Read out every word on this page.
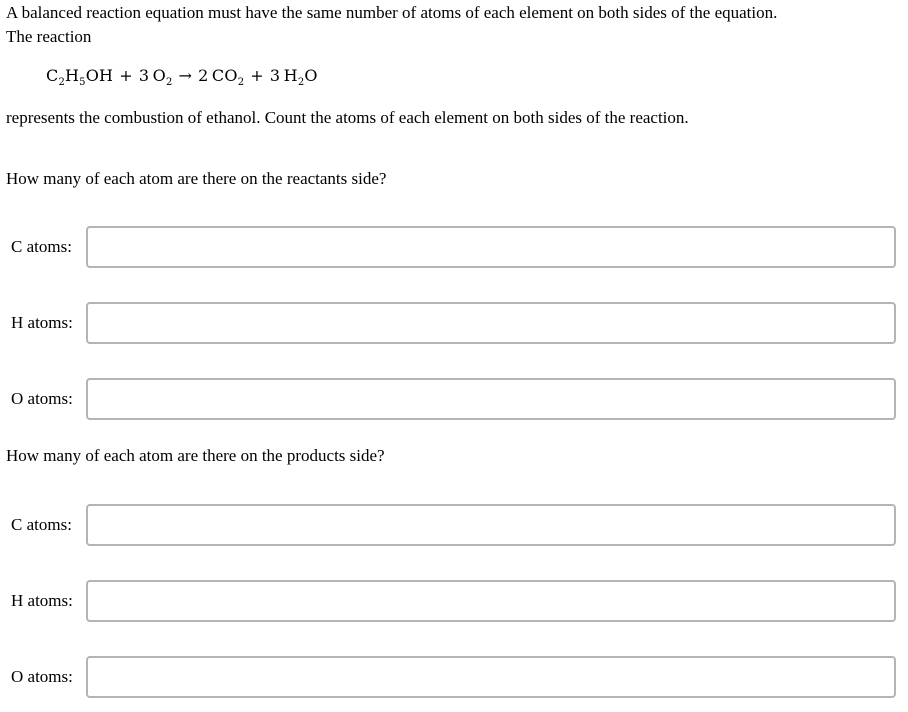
A balanced reaction equation must have the same number of atoms of each element on both sides of the equation.

The reaction

$C_2H_5OH + 3$  $O_2 \to 2$  $CO_2 + 3$  $H_2O$

represents the combustion of ethanol. Count the atoms of each element on both sides of the reaction.

How many of each atom are there on the reactants side?

C atoms:
H atoms:
O atoms:

How many of each atom are there on the products side?

C atoms:
H atoms:
O atoms:
